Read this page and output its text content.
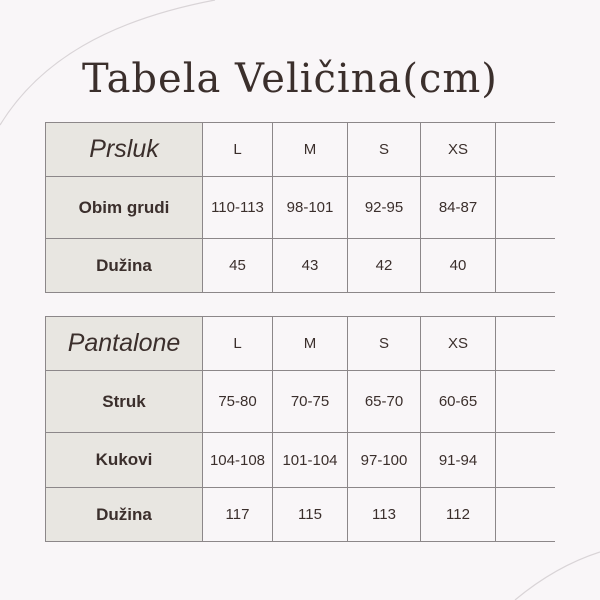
Tabela Veličina(cm)
Prsluk	L	M	S	XS	
Obim grudi	110-113	98-101	92-95	84-87	
Dužina	45	43	42	40	
Pantalone	L	M	S	XS	
Struk	75-80	70-75	65-70	60-65	
Kukovi	104-108	101-104	97-100	91-94	
Dužina	117	115	113	112	
